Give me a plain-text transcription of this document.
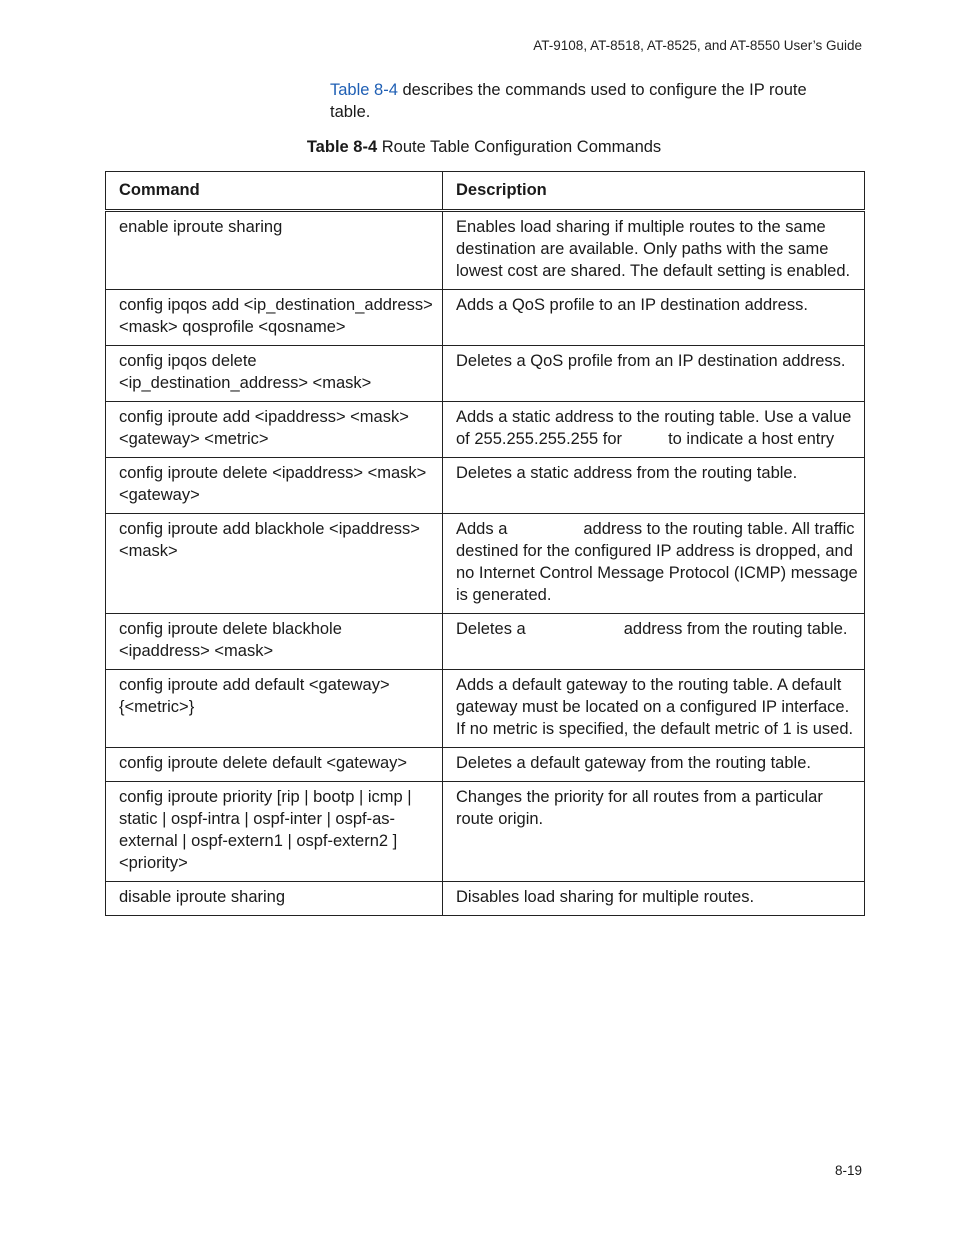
AT-9108, AT-8518, AT-8525, and AT-8550 User’s Guide
Table 8-4 describes the commands used to configure the IP route table.
Table 8-4 Route Table Configuration Commands
Command	Description
enable iproute sharing	Enables load sharing if multiple routes to the same destination are available. Only paths with the same lowest cost are shared. The default setting is enabled.
config ipqos add <ip_destination_address> <mask> qosprofile <qosname>	Adds a QoS profile to an IP destination address.
config ipqos delete <ip_destination_address> <mask>	Deletes a QoS profile from an IP destination address.
config iproute add <ipaddress> <mask> <gateway> <metric>	Adds a static address to the routing table. Use a value of 255.255.255.255 for to indicate a host entry
config iproute delete <ipaddress> <mask> <gateway>	Deletes a static address from the routing table.
config iproute add blackhole <ipaddress> <mask>	Adds a address to the routing table. All traffic destined for the configured IP address is dropped, and no Internet Control Message Protocol (ICMP) message is generated.
config iproute delete blackhole <ipaddress> <mask>	Deletes a address from the routing table.
config iproute add default <gateway> {<metric>}	Adds a default gateway to the routing table. A default gateway must be located on a configured IP interface. If no metric is specified, the default metric of 1 is used.
config iproute delete default <gateway>	Deletes a default gateway from the routing table.
config iproute priority [rip | bootp | icmp | static | ospf-intra | ospf-inter | ospf-as-external | ospf-extern1 | ospf-extern2 ] <priority>	Changes the priority for all routes from a particular route origin.
disable iproute sharing	Disables load sharing for multiple routes.
8-19
